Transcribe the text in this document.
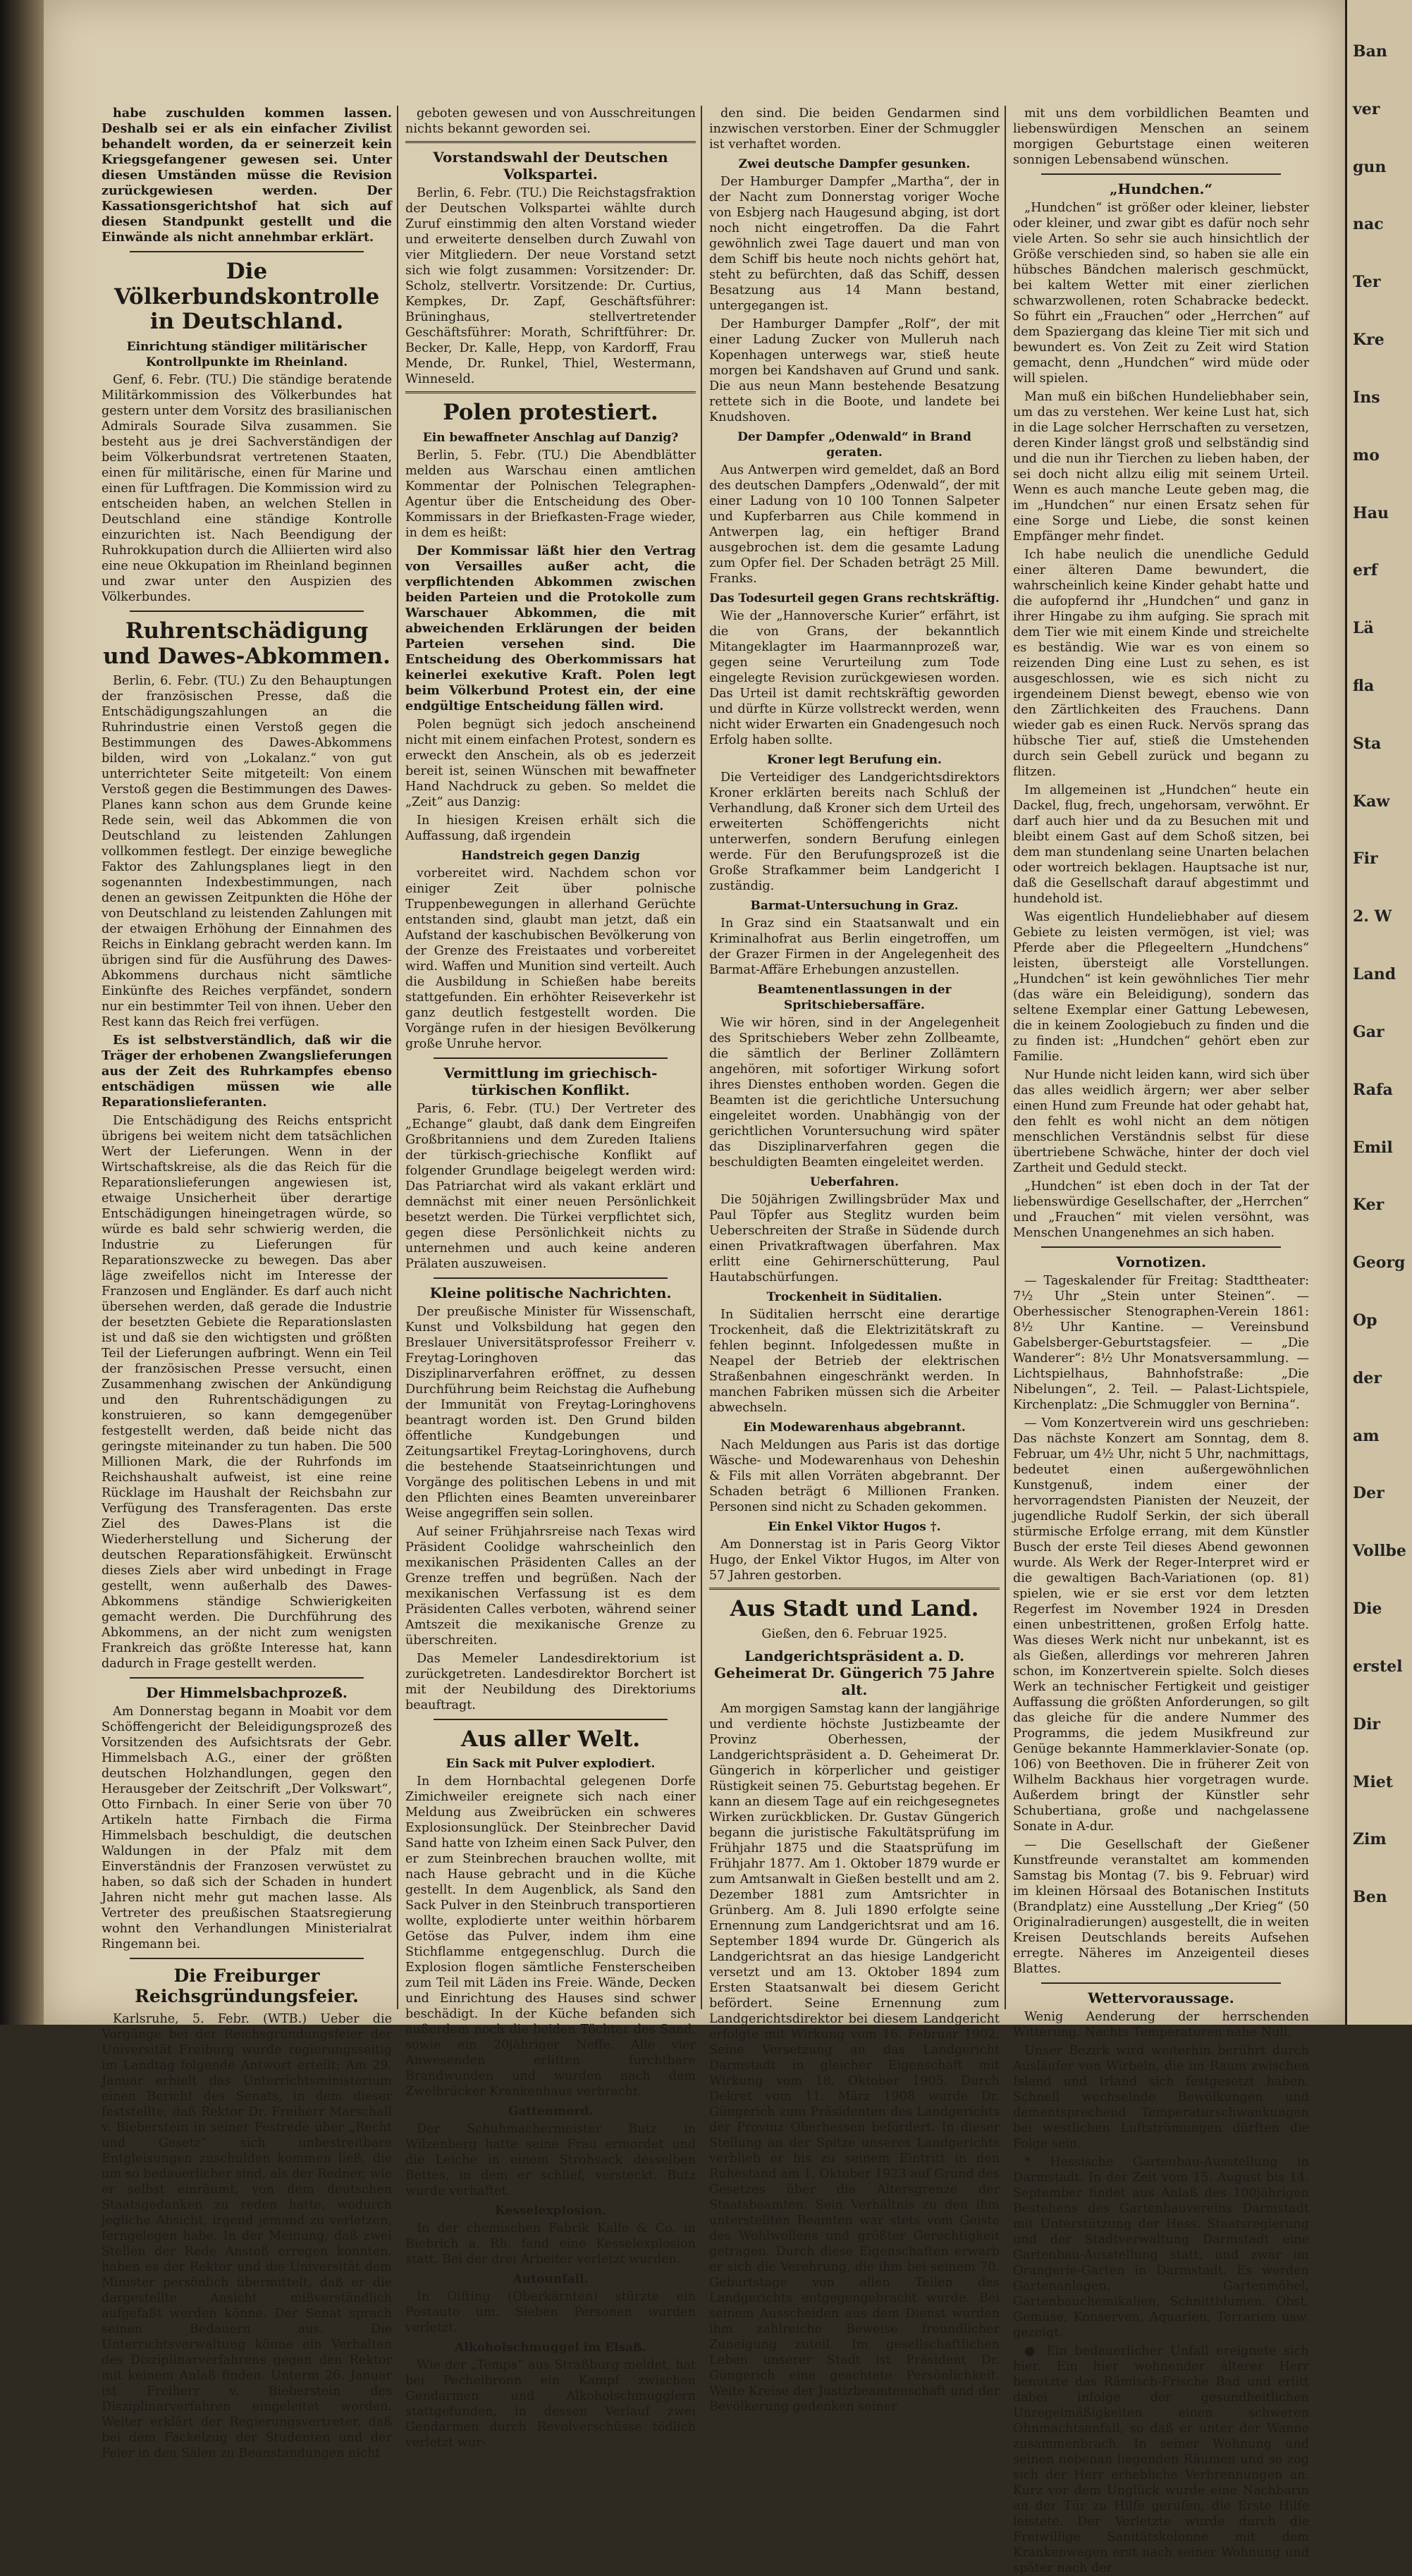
habe zuschulden kommen lassen. Deshalb sei er als ein einfacher Zivilist behandelt worden, da er seinerzeit kein Kriegsgefangener gewesen sei. Unter diesen Umständen müsse die Revision zurückgewiesen werden. Der Kassationsgerichtshof hat sich auf diesen Standpunkt gestellt und die Einwände als nicht annehmbar erklärt.

Die Völkerbundskontrolle in Deutschland.
Einrichtung ständiger militärischer Kontrollpunkte im Rheinland.

Genf, 6. Febr. (TU.) Die ständige beratende Militärkommission des Völkerbundes hat gestern unter dem Vorsitz des brasilianischen Admirals Sourade Silva zusammen. Sie besteht aus je drei Sachverständigen der beim Völkerbundsrat vertretenen Staaten, einen für militärische, einen für Marine und einen für Luftfragen. Die Kommission wird zu entscheiden haben, an welchen Stellen in Deutschland eine ständige Kontrolle einzurichten ist. Nach Beendigung der Ruhrokkupation durch die Alliierten wird also eine neue Okkupation im Rheinland beginnen und zwar unter den Auspizien des Völkerbundes.

Ruhrentschädigung und Dawes-Abkommen.

Berlin, 6. Febr. (TU.) Zu den Behauptungen der französischen Presse, daß die Entschädigungszahlungen an die Ruhrindustrie einen Verstoß gegen die Bestimmungen des Dawes-Abkommens bilden, wird von „Lokalanz.“ von gut unterrichteter Seite mitgeteilt: Von einem Verstoß gegen die Bestimmungen des Dawes-Planes kann schon aus dem Grunde keine Rede sein, weil das Abkommen die von Deutschland zu leistenden Zahlungen vollkommen festlegt. Der einzige bewegliche Faktor des Zahlungsplanes liegt in den sogenannten Indexbestimmungen, nach denen an gewissen Zeitpunkten die Höhe der von Deutschland zu leistenden Zahlungen mit der etwaigen Erhöhung der Einnahmen des Reichs in Einklang gebracht werden kann. Im übrigen sind für die Ausführung des Dawes-Abkommens durchaus nicht sämtliche Einkünfte des Reiches verpfändet, sondern nur ein bestimmter Teil von ihnen. Ueber den Rest kann das Reich frei verfügen.

Es ist selbstverständlich, daß wir die Träger der erhobenen Zwangslieferungen aus der Zeit des Ruhrkampfes ebenso entschädigen müssen wie alle Reparationslieferanten.

Die Entschädigung des Reichs entspricht übrigens bei weitem nicht dem tatsächlichen Wert der Lieferungen. Wenn in der Wirtschaftskreise, als die das Reich für die Reparationslieferungen angewiesen ist, etwaige Unsicherheit über derartige Entschädigungen hineingetragen würde, so würde es bald sehr schwierig werden, die Industrie zu Lieferungen für Reparationszwecke zu bewegen. Das aber läge zweifellos nicht im Interesse der Franzosen und Engländer. Es darf auch nicht übersehen werden, daß gerade die Industrie der besetzten Gebiete die Reparationslasten ist und daß sie den wichtigsten und größten Teil der Lieferungen aufbringt. Wenn ein Teil der französischen Presse versucht, einen Zusammenhang zwischen der Ankündigung und den Ruhrentschädigungen zu konstruieren, so kann demgegenüber festgestellt werden, daß beide nicht das geringste miteinander zu tun haben. Die 500 Millionen Mark, die der Ruhrfonds im Reichshaushalt aufweist, ist eine reine Rücklage im Haushalt der Reichsbahn zur Verfügung des Transferagenten. Das erste Ziel des Dawes-Plans ist die Wiederherstellung und Sicherung der deutschen Reparationsfähigkeit. Erwünscht dieses Ziels aber wird unbedingt in Frage gestellt, wenn außerhalb des Dawes-Abkommens ständige Schwierigkeiten gemacht werden. Die Durchführung des Abkommens, an der nicht zum wenigsten Frankreich das größte Interesse hat, kann dadurch in Frage gestellt werden.

Der Himmelsbachprozeß.

Am Donnerstag begann in Moabit vor dem Schöffengericht der Beleidigungsprozeß des Vorsitzenden des Aufsichtsrats der Gebr. Himmelsbach A.G., einer der größten deutschen Holzhandlungen, gegen den Herausgeber der Zeitschrift „Der Volkswart“, Otto Firnbach. In einer Serie von über 70 Artikeln hatte Firnbach die Firma Himmelsbach beschuldigt, die deutschen Waldungen in der Pfalz mit dem Einverständnis der Franzosen verwüstet zu haben, so daß sich der Schaden in hundert Jahren nicht mehr gut machen lasse. Als Vertreter des preußischen Staatsregierung wohnt den Verhandlungen Ministerialrat Ringemann bei.

Die Freiburger Reichsgründungsfeier.

Karlsruhe, 5. Febr. (WTB.) Ueber die Vorgänge bei der Reichsgründungsfeier der Universität Freiburg wurde regierungsseitig im Landtag folgende Antwort erteilt: Am 29. Januar erhielt das Unterrichtsministerium einen Bericht des Senats, in dem dieser feststellte, daß Rektor Dr. Freiherr Marschall v. Bieberstein in seiner Festrede über „Recht und Gesetz“ sich unbestreitbare Entgleisungen zuschulden kommen ließ, die um so bedauerlicher sind, als der Redner, wie er selbst einräumt, von dem deutschen Staatsgedanken zu reden hatte, wodurch jegliche Absicht, irgend jemand zu verletzen, ferngelegen habe. In der Meinung, daß zwei Stellen der Rede Anstoß erregen konnten, haben es der Rektor und die Universität dem Minister persönlich übermittelt, daß er die dargestellte Ansicht mißverständlich aufgefaßt werden könne. Der Senat sprach seinen Bedauern aus. Die Unterrichtsverwaltung könne ein Verhalten des Disziplinarverfahrens gegen den Rektor mit keinem Anlaß finden. Unterm 26. Januar ist Freiherr v. Bieberstein des Disziplinarverfahren eingeleitet worden. Weiter erklärt der Regierungsvertreter, daß bei dem Fackelzug der Studenten und der Feier in den Sälen zu Beanstandungen nicht

geboten gewesen und von Ausschreitungen nichts bekannt geworden sei.

Vorstandswahl der Deutschen Volkspartei.

Berlin, 6. Febr. (TU.) Die Reichstagsfraktion der Deutschen Volkspartei wählte durch Zuruf einstimmig den alten Vorstand wieder und erweiterte denselben durch Zuwahl von vier Mitgliedern. Der neue Vorstand setzt sich wie folgt zusammen: Vorsitzender: Dr. Scholz, stellvertr. Vorsitzende: Dr. Curtius, Kempkes, Dr. Zapf, Geschäftsführer: Brüninghaus, stellvertretender Geschäftsführer: Morath, Schriftführer: Dr. Becker, Dr. Kalle, Hepp, von Kardorff, Frau Mende, Dr. Runkel, Thiel, Westermann, Winneseld.

Polen protestiert.
Ein bewaffneter Anschlag auf Danzig?

Berlin, 5. Febr. (TU.) Die Abendblätter melden aus Warschau einen amtlichen Kommentar der Polnischen Telegraphen-Agentur über die Entscheidung des Ober-Kommissars in der Briefkasten-Frage wieder, in dem es heißt:

Der Kommissar läßt hier den Vertrag von Versailles außer acht, die verpflichtenden Abkommen zwischen beiden Parteien und die Protokolle zum Warschauer Abkommen, die mit abweichenden Erklärungen der beiden Parteien versehen sind. Die Entscheidung des Oberkommissars hat keinerlei exekutive Kraft. Polen legt beim Völkerbund Protest ein, der eine endgültige Entscheidung fällen wird.

Polen begnügt sich jedoch anscheinend nicht mit einem einfachen Protest, sondern es erweckt den Anschein, als ob es jederzeit bereit ist, seinen Wünschen mit bewaffneter Hand Nachdruck zu geben. So meldet die „Zeit“ aus Danzig:

In hiesigen Kreisen erhält sich die Auffassung, daß irgendein

Handstreich gegen Danzig

vorbereitet wird. Nachdem schon vor einiger Zeit über polnische Truppenbewegungen in allerhand Gerüchte entstanden sind, glaubt man jetzt, daß ein Aufstand der kaschubischen Bevölkerung von der Grenze des Freistaates und vorbereitet wird. Waffen und Munition sind verteilt. Auch die Ausbildung in Schießen habe bereits stattgefunden. Ein erhöhter Reiseverkehr ist ganz deutlich festgestellt worden. Die Vorgänge rufen in der hiesigen Bevölkerung große Unruhe hervor.

Vermittlung im griechisch-türkischen Konflikt.

Paris, 6. Febr. (TU.) Der Vertreter des „Echange“ glaubt, daß dank dem Eingreifen Großbritanniens und dem Zureden Italiens der türkisch-griechische Konflikt auf folgender Grundlage beigelegt werden wird: Das Patriarchat wird als vakant erklärt und demnächst mit einer neuen Persönlichkeit besetzt werden. Die Türkei verpflichtet sich, gegen diese Persönlichkeit nichts zu unternehmen und auch keine anderen Prälaten auszuweisen.

Kleine politische Nachrichten.

Der preußische Minister für Wissenschaft, Kunst und Volksbildung hat gegen den Breslauer Universitätsprofessor Freiherr v. Freytag-Loringhoven das Disziplinarverfahren eröffnet, zu dessen Durchführung beim Reichstag die Aufhebung der Immunität von Freytag-Loringhovens beantragt worden ist. Den Grund bilden öffentliche Kundgebungen und Zeitungsartikel Freytag-Loringhovens, durch die bestehende Staatseinrichtungen und Vorgänge des politischen Lebens in und mit den Pflichten eines Beamten unvereinbarer Weise angegriffen sein sollen.

Auf seiner Frühjahrsreise nach Texas wird Präsident Coolidge wahrscheinlich den mexikanischen Präsidenten Calles an der Grenze treffen und begrüßen. Nach der mexikanischen Verfassung ist es dem Präsidenten Calles verboten, während seiner Amtszeit die mexikanische Grenze zu überschreiten.

Das Memeler Landesdirektorium ist zurückgetreten. Landesdirektor Borchert ist mit der Neubildung des Direktoriums beauftragt.

Aus aller Welt.
Ein Sack mit Pulver explodiert.

In dem Hornbachtal gelegenen Dorfe Zimichweiler ereignete sich nach einer Meldung aus Zweibrücken ein schweres Explosionsunglück. Der Steinbrecher David Sand hatte von Izheim einen Sack Pulver, den er zum Steinbrechen brauchen wollte, mit nach Hause gebracht und in die Küche gestellt. In dem Augenblick, als Sand den Sack Pulver in den Steinbruch transportieren wollte, explodierte unter weithin hörbarem Getöse das Pulver, indem ihm eine Stichflamme entgegenschlug. Durch die Explosion flogen sämtliche Fensterscheiben zum Teil mit Läden ins Freie. Wände, Decken und Einrichtung des Hauses sind schwer beschädigt. In der Küche befanden sich außerdem noch die beiden Töchter des Sand, sowie ein 20jähriger Neffe. Alle vier Anwesenden erlitten furchtbare Brandwunden und wurden nach dem Zweibrücker Krankenhaus verbracht.

Gattenmord.

Der Schuhmachermeister Butz in Wilzenberg hatte seine Frau ermordet und die Leiche in einem Strohsack desselben Bettes, in dem er schlief, versteckt. Butz wurde verhaftet.

Kesselexplosion.

In der chemischen Fabrik Kalle & Co. in Biebrich a. Rh. fand eine Kesselexplosion statt. Bei der drei Arbeiter verletzt wurden.

Autounfall.

In Oifting (Oberkärnten) stürzte ein Postauto um. Sieben Personen wurden verletzt.

Alkoholschmuggel im Elsaß.

Wie der „Temps“ aus Straßburg meldet, hat bei Pechelbronn ein Kampf zwischen Gendarmen und Alkoholschmugglern stattgefunden, in dessen Verlauf zwei Gendarmen durch Revolverschüsse tödlich verletzt wur-

den sind. Die beiden Gendarmen sind inzwischen verstorben. Einer der Schmuggler ist verhaftet worden.

Zwei deutsche Dampfer gesunken.

Der Hamburger Dampfer „Martha“, der in der Nacht zum Donnerstag voriger Woche von Esbjerg nach Haugesund abging, ist dort noch nicht eingetroffen. Da die Fahrt gewöhnlich zwei Tage dauert und man von dem Schiff bis heute noch nichts gehört hat, steht zu befürchten, daß das Schiff, dessen Besatzung aus 14 Mann bestand, untergegangen ist.

Der Hamburger Dampfer „Rolf“, der mit einer Ladung Zucker von Mulleruh nach Kopenhagen unterwegs war, stieß heute morgen bei Kandshaven auf Grund und sank. Die aus neun Mann bestehende Besatzung rettete sich in die Boote, und landete bei Knudshoven.

Der Dampfer „Odenwald“ in Brand geraten.

Aus Antwerpen wird gemeldet, daß an Bord des deutschen Dampfers „Odenwald“, der mit einer Ladung von 10 100 Tonnen Salpeter und Kupferbarren aus Chile kommend in Antwerpen lag, ein heftiger Brand ausgebrochen ist. dem die gesamte Ladung zum Opfer fiel. Der Schaden beträgt 25 Mill. Franks.

Das Todesurteil gegen Grans rechtskräftig.

Wie der „Hannoversche Kurier“ erfährt, ist die von Grans, der bekanntlich Mitangeklagter im Haarmannprozeß war, gegen seine Verurteilung zum Tode eingelegte Revision zurückgewiesen worden. Das Urteil ist damit rechtskräftig geworden und dürfte in Kürze vollstreckt werden, wenn nicht wider Erwarten ein Gnadengesuch noch Erfolg haben sollte.

Kroner legt Berufung ein.

Die Verteidiger des Landgerichtsdirektors Kroner erklärten bereits nach Schluß der Verhandlung, daß Kroner sich dem Urteil des erweiterten Schöffengerichts nicht unterwerfen, sondern Berufung einlegen werde. Für den Berufungsprozeß ist die Große Strafkammer beim Landgericht I zuständig.

Barmat-Untersuchung in Graz.

In Graz sind ein Staatsanwalt und ein Kriminalhofrat aus Berlin eingetroffen, um der Grazer Firmen in der Angelegenheit des Barmat-Affäre Erhebungen anzustellen.

Beamtenentlassungen in der Spritschiebersaffäre.

Wie wir hören, sind in der Angelegenheit des Spritschiebers Weber zehn Zollbeamte, die sämtlich der Berliner Zollämtern angehören, mit sofortiger Wirkung sofort ihres Dienstes enthoben worden. Gegen die Beamten ist die gerichtliche Untersuchung eingeleitet worden. Unabhängig von der gerichtlichen Voruntersuchung wird später das Disziplinarverfahren gegen die beschuldigten Beamten eingeleitet werden.

Ueberfahren.

Die 50jährigen Zwillingsbrüder Max und Paul Töpfer aus Steglitz wurden beim Ueberschreiten der Straße in Südende durch einen Privatkraftwagen überfahren. Max erlitt eine Gehirnerschütterung, Paul Hautabschürfungen.

Trockenheit in Süditalien.

In Süditalien herrscht eine derartige Trockenheit, daß die Elektrizitätskraft zu fehlen beginnt. Infolgedessen mußte in Neapel der Betrieb der elektrischen Straßenbahnen eingeschränkt werden. In manchen Fabriken müssen sich die Arbeiter abwechseln.

Ein Modewarenhaus abgebrannt.

Nach Meldungen aus Paris ist das dortige Wäsche- und Modewarenhaus von Deheshin & Fils mit allen Vorräten abgebrannt. Der Schaden beträgt 6 Millionen Franken. Personen sind nicht zu Schaden gekommen.

Ein Enkel Viktor Hugos †.

Am Donnerstag ist in Paris Georg Viktor Hugo, der Enkel Viktor Hugos, im Alter von 57 Jahren gestorben.

Aus Stadt und Land.

Gießen, den 6. Februar 1925.

Landgerichtspräsident a. D. Geheimerat Dr. Güngerich 75 Jahre alt.

Am morgigen Samstag kann der langjährige und verdiente höchste Justizbeamte der Provinz Oberhessen, der Landgerichtspräsident a. D. Geheimerat Dr. Güngerich in körperlicher und geistiger Rüstigkeit seinen 75. Geburtstag begehen. Er kann an diesem Tage auf ein reichgesegnetes Wirken zurückblicken. Dr. Gustav Güngerich begann die juristische Fakultätsprüfung im Frühjahr 1875 und die Staatsprüfung im Frühjahr 1877. Am 1. Oktober 1879 wurde er zum Amtsanwalt in Gießen bestellt und am 2. Dezember 1881 zum Amtsrichter in Grünberg. Am 8. Juli 1890 erfolgte seine Ernennung zum Landgerichtsrat und am 16. September 1894 wurde Dr. Güngerich als Landgerichtsrat an das hiesige Landgericht versetzt und am 13. Oktober 1894 zum Ersten Staatsanwalt bei diesem Gericht befördert. Seine Ernennung zum Landgerichtsdirektor bei diesem Landgericht erfolgte mit Wirkung vom 16. Februar 1902. Seine Versetzung an das Landgericht Darmstadt in gleicher Eigenschaft mit Wirkung vom 18. Oktober 1905. Durch Dekret vom 11. März 1908 wurde Dr. Güngerich zum Präsidenten des Landgerichts der Provinz Oberhessen befördert. In dieser Stellung an der Spitze unseres Landgerichts verblieb er bis zu seinem Eintritt in den Ruhestand am 1. Oktober 1923 auf Grund des Gesetzes über die Altersgrenze der Staatsbeamten. Sein Verhältnis zu den ihm unterstellten Beamten war stets vom Geiste des Wohlwollens und größter Gerechtigkeit getragen. Durch diese Eigenschaften erwarb er sich die Verehrung, die ihm bei seinem 70. Geburtstage von allen Teilen des Landgerichts entgegengebracht wurde. Bei seinem Ausscheiden aus dem Dienst wurden ihm zahlreiche Beweise freundlicher Zuneigung zuteil. Im gesellschaftlichen Leben unserer Stadt ist Präsident Dr. Güngerich eine geachtete Persönlichkeit. Weite Kreise der Justizbeamtenschaft und der Bevölkerung gedenken seiner

mit uns dem vorbildlichen Beamten und liebenswürdigen Menschen an seinem morgigen Geburtstage einen weiteren sonnigen Lebensabend wünschen.

„Hundchen.“

„Hundchen“ ist größer oder kleiner, liebster oder kleiner, und zwar gibt es dafür noch sehr viele Arten. So sehr sie auch hinsichtlich der Größe verschieden sind, so haben sie alle ein hübsches Bändchen malerisch geschmückt, bei kaltem Wetter mit einer zierlichen schwarzwollenen, roten Schabracke bedeckt. So führt ein „Frauchen“ oder „Herrchen“ auf dem Spaziergang das kleine Tier mit sich und bewundert es. Von Zeit zu Zeit wird Station gemacht, denn „Hundchen“ wird müde oder will spielen.

Man muß ein bißchen Hundeliebhaber sein, um das zu verstehen. Wer keine Lust hat, sich in die Lage solcher Herrschaften zu versetzen, deren Kinder längst groß und selbständig sind und die nun ihr Tierchen zu lieben haben, der sei doch nicht allzu eilig mit seinem Urteil. Wenn es auch manche Leute geben mag, die im „Hundchen“ nur einen Ersatz sehen für eine Sorge und Liebe, die sonst keinen Empfänger mehr findet.

Ich habe neulich die unendliche Geduld einer älteren Dame bewundert, die wahrscheinlich keine Kinder gehabt hatte und die aufopfernd ihr „Hundchen“ und ganz in ihrer Hingabe zu ihm aufging. Sie sprach mit dem Tier wie mit einem Kinde und streichelte es beständig. Wie war es von einem so reizenden Ding eine Lust zu sehen, es ist ausgeschlossen, wie es sich nicht zu irgendeinem Dienst bewegt, ebenso wie von den Zärtlichkeiten des Frauchens. Dann wieder gab es einen Ruck. Nervös sprang das hübsche Tier auf, stieß die Umstehenden durch sein Gebell zurück und begann zu flitzen.

Im allgemeinen ist „Hundchen“ heute ein Dackel, flug, frech, ungehorsam, verwöhnt. Er darf auch hier und da zu Besuchen mit und bleibt einem Gast auf dem Schoß sitzen, bei dem man stundenlang seine Unarten belachen oder wortreich beklagen. Hauptsache ist nur, daß die Gesellschaft darauf abgestimmt und hundehold ist.

Was eigentlich Hundeliebhaber auf diesem Gebiete zu leisten vermögen, ist viel; was Pferde aber die Pflegeeltern „Hundchens“ leisten, übersteigt alle Vorstellungen. „Hundchen“ ist kein gewöhnliches Tier mehr (das wäre ein Beleidigung), sondern das seltene Exemplar einer Gattung Lebewesen, die in keinem Zoologiebuch zu finden und die zu finden ist: „Hundchen“ gehört eben zur Familie.

Nur Hunde nicht leiden kann, wird sich über das alles weidlich ärgern; wer aber selber einen Hund zum Freunde hat oder gehabt hat, den fehlt es wohl nicht an dem nötigen menschlichen Verständnis selbst für diese übertriebene Schwäche, hinter der doch viel Zartheit und Geduld steckt.

„Hundchen“ ist eben doch in der Tat der liebenswürdige Gesellschafter, der „Herrchen“ und „Frauchen“ mit vielen versöhnt, was Menschen Unangenehmes an sich haben.

Vornotizen.

— Tageskalender für Freitag: Stadttheater: 7½ Uhr „Stein unter Steinen“. — Oberhessischer Stenographen-Verein 1861: 8½ Uhr Kantine. — Vereinsbund Gabelsberger-Geburtstagsfeier. — „Die Wanderer“: 8½ Uhr Monatsversammlung. — Lichtspielhaus, Bahnhofstraße: „Die Nibelungen“, 2. Teil. — Palast-Lichtspiele, Kirchenplatz: „Die Schmuggler von Bernina“.

— Vom Konzertverein wird uns geschrieben: Das nächste Konzert am Sonntag, dem 8. Februar, um 4½ Uhr, nicht 5 Uhr, nachmittags, bedeutet einen außergewöhnlichen Kunstgenuß, indem einer der hervorragendsten Pianisten der Neuzeit, der jugendliche Rudolf Serkin, der sich überall stürmische Erfolge errang, mit dem Künstler Busch der erste Teil dieses Abend gewonnen wurde. Als Werk der Reger-Interpret wird er die gewaltigen Bach-Variationen (op. 81) spielen, wie er sie erst vor dem letzten Regerfest im November 1924 in Dresden einen unbestrittenen, großen Erfolg hatte. Was dieses Werk nicht nur unbekannt, ist es als Gießen, allerdings vor mehreren Jahren schon, im Konzertverein spielte. Solch dieses Werk an technischer Fertigkeit und geistiger Auffassung die größten Anforderungen, so gilt das gleiche für die andere Nummer des Programms, die jedem Musikfreund zur Genüge bekannte Hammerklavier-Sonate (op. 106) von Beethoven. Die in früherer Zeit von Wilhelm Backhaus hier vorgetragen wurde. Außerdem bringt der Künstler sehr Schubertiana, große und nachgelassene Sonate in A-dur.

— Die Gesellschaft der Gießener Kunstfreunde veranstaltet am kommenden Samstag bis Montag (7. bis 9. Februar) wird im kleinen Hörsaal des Botanischen Instituts (Brandplatz) eine Ausstellung „Der Krieg“ (50 Originalradierungen) ausgestellt, die in weiten Kreisen Deutschlands bereits Aufsehen erregte. Näheres im Anzeigenteil dieses Blattes.

Wettervoraussage.

Wenig Aenderung der herrschenden Witterung. Nachts Temperaturen nahe Null.

Unser Bezirk wird weiterhin berührt durch Ausläufer von Wirbeln, die im Raum zwischen Island und Irland sich festgesetzt haben. Schnell wechselnde Bewölkungen und dementsprechend Temperaturschwankungen bei westlichen Luftströmungen dürften die Folge sein.

* Hessische Gartenbau-Ausstellung in Darmstadt. In der Zeit vom 15. August bis 14. September findet aus Anlaß des 100jährigen Bestehens des Gartenbauvereins Darmstadt mit Unterstützung der Hess. Staatsregierung und der Stadtverwaltung Darmstadt eine Gartenbau-Ausstellung statt, und zwar im Orangerie-Garten in Darmstadt. Es werden Gartenanlagen, Gartenmöbel, Gartenbauchemikalien, Schnittblumen, Obst, Gemüse, Konserven, Aquarien, Terrarien usw. gezeigt.

● Ein bedauerlicher Unfall ereignete sich hier. Ein hier wohnender älterer Herr benutzte das Rämisch-Frische Bad und erlitt dabei infolge der gesundheitlichen Unregelmäßigkeiten einen schweren Ohnmachtsanfall, so daß er unter der Wanne zusammenbrach. In seiner Wohnung und seinen nebenan liegenden Räumen und so zog sich der Herr erhebliche Verbrennungen an. Kurz vor dem Unglück wurde eine Nachbarin an der Tür zu Hilfe gerufen, die Erste Hilfe leistete. Der Verletzte wurde durch die Freiwillige Sanitätskolonne mit dem Krankenwagen erst nach seiner Wohnung und später nach der

Ban
ver
gun
nac
Ter
Kre
Ins
mo
Hau
erf
Lä
fla
Sta
Kaw
Fir
2. W
Land
Gar
Rafa
Emil
Ker
Georg
Op
der
am
Der
Vollbe
Die
erstel
Dir
Miet
Zim
Ben
